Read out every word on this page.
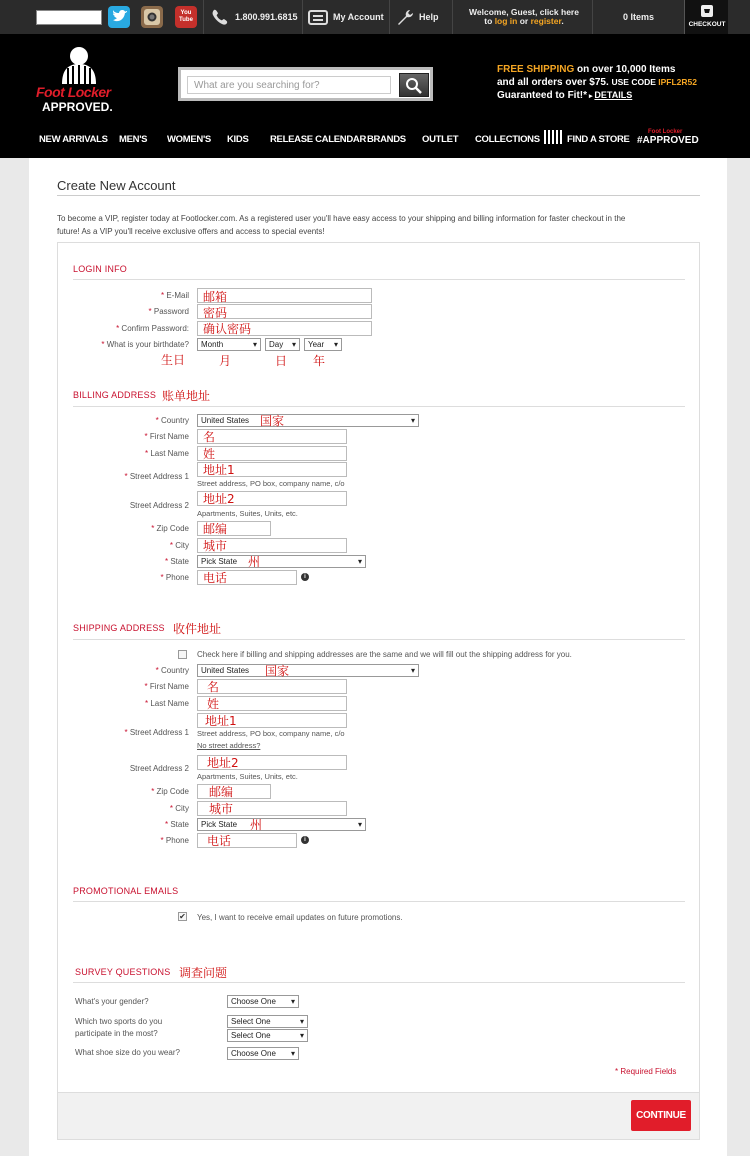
You Tube	1.800.991.6815	My Account	Help	Welcome, Guest, click here
to log in or register.	0 Items
CHECKOUT
Foot Locker
APPROVED.
What are you searching for?
FREE SHIPPING on over 10,000 Items
and all orders over $75. USE CODE IPFL2R52
Guaranteed to Fit!* ▸ DETAILS
NEW ARRIVALS MEN'S WOMEN'S KIDS RELEASE CALENDAR BRANDS OUTLET COLLECTIONS	FIND A STORE
Foot Locker
#APPROVED
Create New Account
To become a VIP, register today at Footlocker.com. As a registered user you'll have easy access to your shipping and billing information for faster checkout in the
future! As a VIP you'll receive exclusive offers and access to special events!
LOGIN INFO
* E-Mail 邮箱
* Password 密码
* Confirm Password: 确认密码
* What is your birthdate?	Month ▾	Day ▾	Year ▾
生日	月	日 年
BILLING ADDRESS 账单地址
* Country	United States ▾ 国家
* First Name 名
* Last Name 姓
* Street Address 1 地址1
Street address, PO box, company name, c/o
Street Address 2 地址2
Apartments, Suites, Units, etc.
* Zip Code 邮编
* City 城市
* State	Pick State ▾ 州
* Phone 电话	i
SHIPPING ADDRESS 收件地址
Check here if billing and shipping addresses are the same and we will fill out the shipping address for you.
* Country	United States ▾	国家
* First Name 名
* Last Name 姓
* Street Address 1
地址1
Street address, PO box, company name, c/o
No street address?
Street Address 2 地址2
Apartments, Suites, Units, etc.
* Zip Code 邮编
* City 城市
* State	Pick State ▾	州
* Phone 电话	i
PROMOTIONAL EMAILS
✔ Yes, I want to receive email updates on future promotions.
SURVEY QUESTIONS 调查问题
What's your gender?	Choose One ▾
Which two sports do you
participate in the most?
Select One ▾
Select One ▾
What shoe size do you wear?	Choose One ▾
* Required Fields
CONTINUE
